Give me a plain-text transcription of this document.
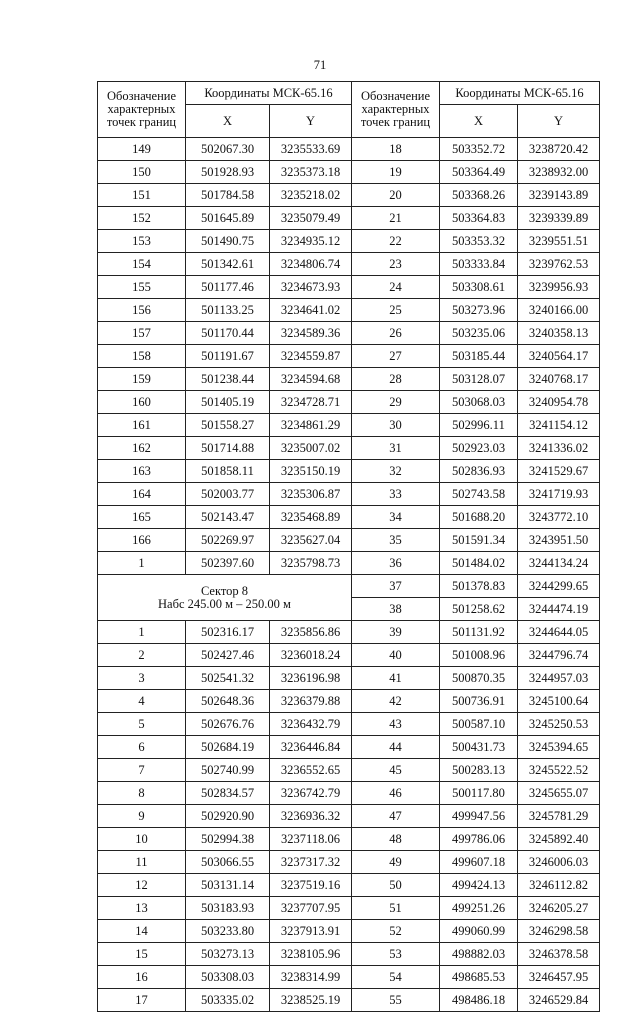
71
Обозначение
характерных
точек границ	Координаты МСК-65.16		Обозначение
характерных
точек границ	Координаты МСК-65.16	
	X	Y		X	Y
149	502067.30	3235533.69	18	503352.72	3238720.42
150	501928.93	3235373.18	19	503364.49	3238932.00
151	501784.58	3235218.02	20	503368.26	3239143.89
152	501645.89	3235079.49	21	503364.83	3239339.89
153	501490.75	3234935.12	22	503353.32	3239551.51
154	501342.61	3234806.74	23	503333.84	3239762.53
155	501177.46	3234673.93	24	503308.61	3239956.93
156	501133.25	3234641.02	25	503273.96	3240166.00
157	501170.44	3234589.36	26	503235.06	3240358.13
158	501191.67	3234559.87	27	503185.44	3240564.17
159	501238.44	3234594.68	28	503128.07	3240768.17
160	501405.19	3234728.71	29	503068.03	3240954.78
161	501558.27	3234861.29	30	502996.11	3241154.12
162	501714.88	3235007.02	31	502923.03	3241336.02
163	501858.11	3235150.19	32	502836.93	3241529.67
164	502003.77	3235306.87	33	502743.58	3241719.93
165	502143.47	3235468.89	34	501688.20	3243772.10
166	502269.97	3235627.04	35	501591.34	3243951.50
1	502397.60	3235798.73	36	501484.02	3244134.24

Сектор 8
Набс 245.00 м – 250.00 м			37	501378.83	3244299.65
			38	501258.62	3244474.19
1	502316.17	3235856.86	39	501131.92	3244644.05
2	502427.46	3236018.24	40	501008.96	3244796.74
3	502541.32	3236196.98	41	500870.35	3244957.03
4	502648.36	3236379.88	42	500736.91	3245100.64
5	502676.76	3236432.79	43	500587.10	3245250.53
6	502684.19	3236446.84	44	500431.73	3245394.65
7	502740.99	3236552.65	45	500283.13	3245522.52
8	502834.57	3236742.79	46	500117.80	3245655.07
9	502920.90	3236936.32	47	499947.56	3245781.29
10	502994.38	3237118.06	48	499786.06	3245892.40
11	503066.55	3237317.32	49	499607.18	3246006.03
12	503131.14	3237519.16	50	499424.13	3246112.82
13	503183.93	3237707.95	51	499251.26	3246205.27
14	503233.80	3237913.91	52	499060.99	3246298.58
15	503273.13	3238105.96	53	498882.03	3246378.58
16	503308.03	3238314.99	54	498685.53	3246457.95
17	503335.02	3238525.19	55	498486.18	3246529.84
